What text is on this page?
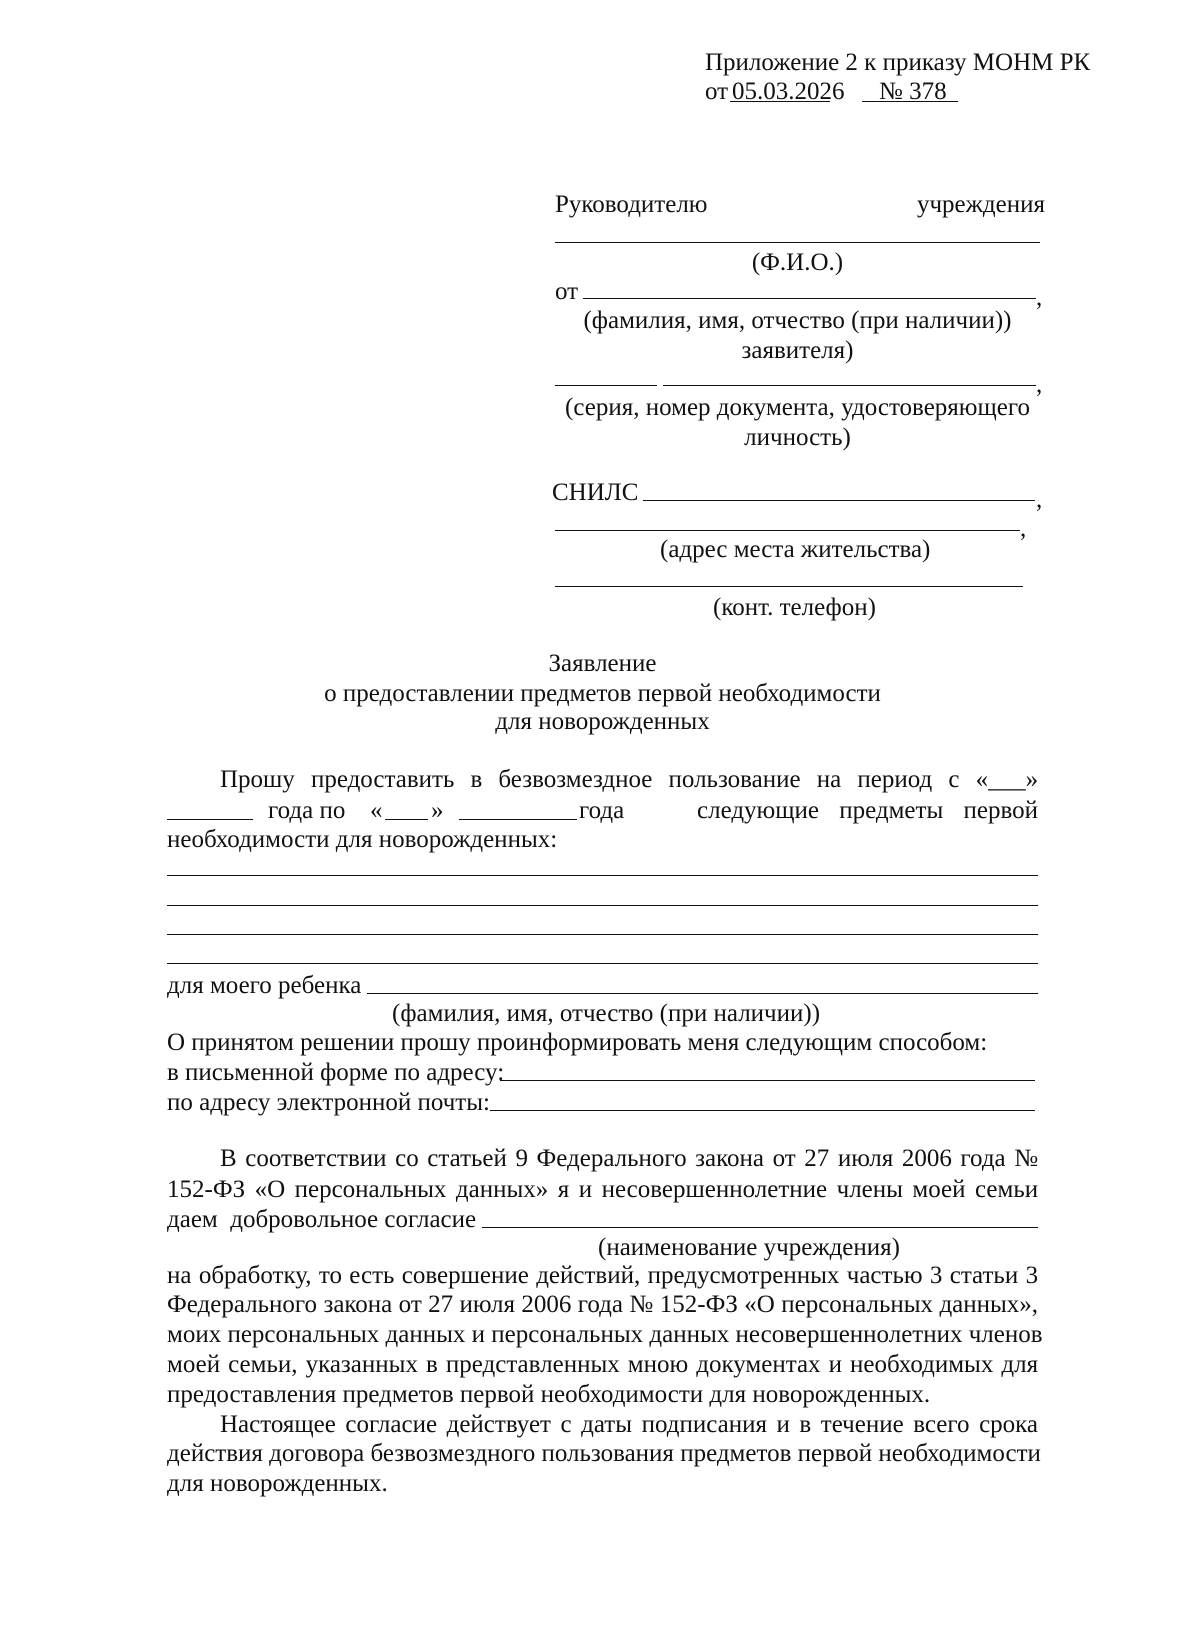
Приложение 2 к приказу МОНМ РК
от 05.03.2026 № 378
Руководителю	учреждения
(Ф.И.О.)
от	,
(фамилия, имя, отчество (при наличии))
заявителя)
,
(серия, номер документа, удостоверяющего
личность)
СНИЛС	,
,
(адрес места жительства)
(конт. телефон)
Заявление
о предоставлении предметов первой необходимости
для новорожденных
Прошу предоставить в безвозмездное пользование на период с «___»
года по « »	года	следующие предметы первой
необходимости для новорожденных:
для моего ребенка
(фамилия, имя, отчество (при наличии))
О принятом решении прошу проинформировать меня следующим способом:
в письменной форме по адресу:
по адресу электронной почты:
В соответствии со статьей 9 Федерального закона от 27 июля 2006 года №
152-ФЗ «О персональных данных» я и несовершеннолетние члены моей семьи
даем  добровольное согласие
(наименование учреждения)
на обработку, то есть совершение действий, предусмотренных частью 3 статьи 3
Федерального закона от 27 июля 2006 года № 152-ФЗ «О персональных данных»,
моих персональных данных и персональных данных несовершеннолетних членов
моей семьи, указанных в представленных мною документах и необходимых для
предоставления предметов первой необходимости для новорожденных.
Настоящее согласие действует с даты подписания и в течение всего срока
действия договора безвозмездного пользования предметов первой необходимости
для новорожденных.
